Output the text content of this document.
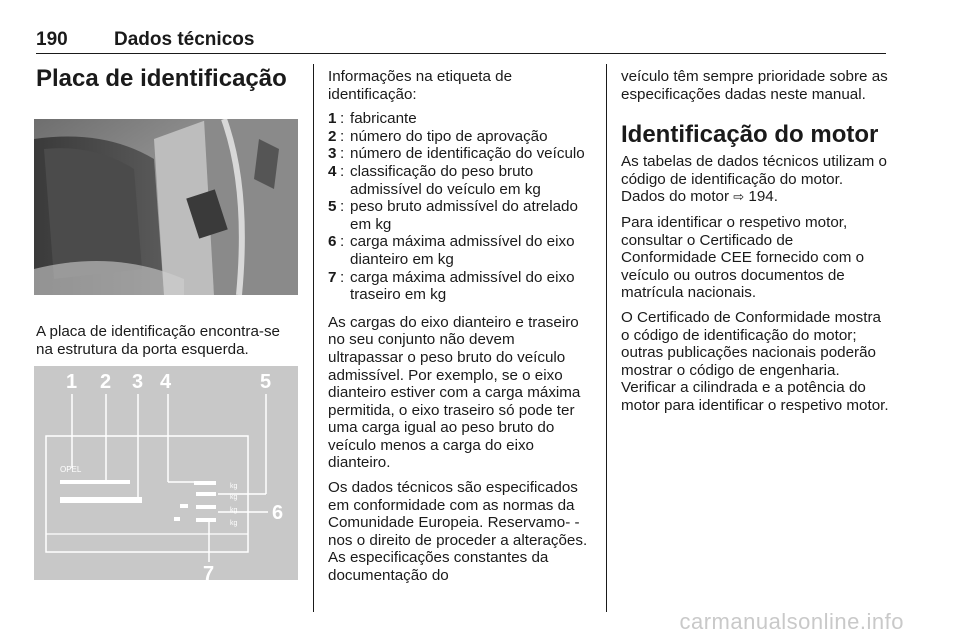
190 Dados técnicos
Placa de identificação

A placa de identificação encontra-se na estrutura da porta esquerda.

OPEL
kg
kg
kg
kg
1 2 3 4	5
6
7

Informações na etiqueta de identificação:

1 : fabricante
2 : número do tipo de aprovação
3 : número de identificação do veículo
4 : classificação do peso bruto admissível do veículo em kg
5 : peso bruto admissível do atrelado em kg
6 : carga máxima admissível do eixo dianteiro em kg
7 : carga máxima admissível do eixo traseiro em kg

As cargas do eixo dianteiro e traseiro no seu conjunto não devem ultrapassar o peso bruto do veículo admissível. Por exemplo, se o eixo dianteiro estiver com a carga máxima permitida, o eixo traseiro só pode ter uma carga igual ao peso bruto do veículo menos a carga do eixo dianteiro.

Os dados técnicos são especificados em conformidade com as normas da Comunidade Europeia. Reservamo- -nos o direito de proceder a alterações. As especificações constantes da documentação do

veículo têm sempre prioridade sobre as especificações dadas neste manual.

Identificação do motor

As tabelas de dados técnicos utilizam o código de identificação do motor. Dados do motor ⇨ 194.

Para identificar o respetivo motor, consultar o Certificado de Conformidade CEE fornecido com o veículo ou outros documentos de matrícula nacionais.

O Certificado de Conformidade mostra o código de identificação do motor; outras publicações nacionais poderão mostrar o código de engenharia. Verificar a cilindrada e a potência do motor para identificar o respetivo motor.

carmanualsonline.info
